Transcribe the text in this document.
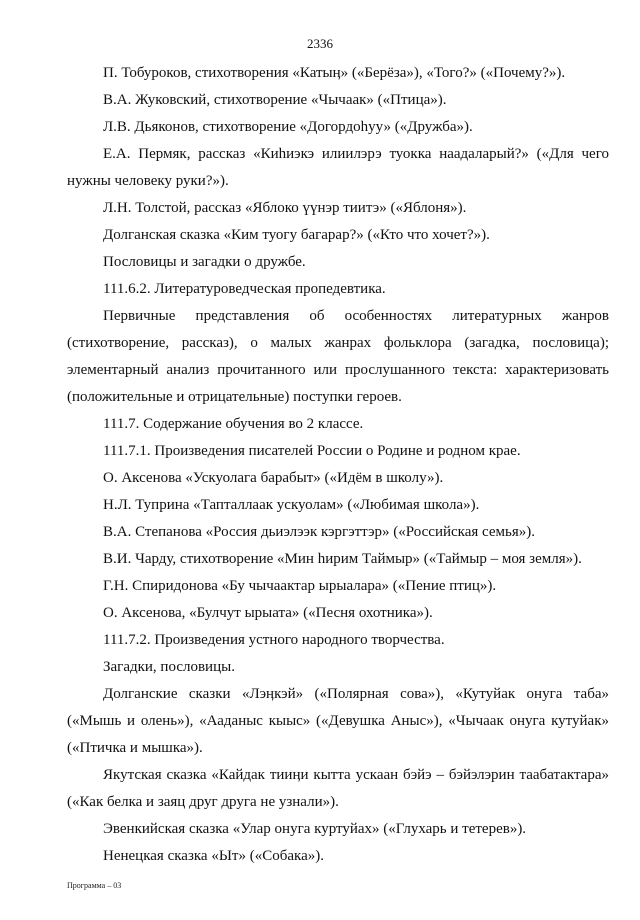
2336

П. Тобуроков, стихотворения «Катыӊ» («Берёза»), «Того?» («Почему?»).

В.А. Жуковский, стихотворение «Чычаак» («Птица»).

Л.В. Дьяконов, стихотворение «Догордоһуу» («Дружба»).

Е.А. Пермяк, рассказ «Киһиэкэ илиилэрэ туокка наадаларый?» («Для чего нужны человеку руки?»).

Л.Н. Толстой, рассказ «Яблоко үүнэр тиитэ» («Яблоня»).

Долганская сказка «Ким туогу багарар?» («Кто что хочет?»).

Пословицы и загадки о дружбе.

111.6.2. Литературоведческая пропедевтика.

Первичные представления об особенностях литературных жанров (стихотворение, рассказ), о малых жанрах фольклора (загадка, пословица); элементарный анализ прочитанного или прослушанного текста: характеризовать (положительные и отрицательные) поступки героев.

111.7. Содержание обучения во 2 классе.

111.7.1. Произведения писателей России о Родине и родном крае.

О. Аксенова «Ускуолага барабыт» («Идём в школу»).

Н.Л. Туприна «Тапталлаак ускуолам» («Любимая школа»).

В.А. Степанова «Россия дьиэлээк кэргэттэр» («Российская семья»).

В.И. Чарду, стихотворение «Мин һирим Таймыр» («Таймыр – моя земля»).

Г.Н. Спиридонова «Бу чычаактар ырыалара» («Пение птиц»).

О. Аксенова, «Булчут ырыата» («Песня охотника»).

111.7.2. Произведения устного народного творчества.

Загадки, пословицы.

Долганские сказки «Лэӊкэй» («Полярная сова»), «Кутуйак онуга таба» («Мышь и олень»), «Ааданыс кыыс» («Девушка Аныс»), «Чычаак онуга кутуйак» («Птичка и мышка»).

Якутская сказка «Кайдак тииӊи кытта ускаан бэйэ – бэйэлэрин таабатактара» («Как белка и заяц друг друга не узнали»).

Эвенкийская сказка «Улар онуга куртуйах» («Глухарь и тетерев»).

Ненецкая сказка «Ыт» («Собака»).

Программа – 03
